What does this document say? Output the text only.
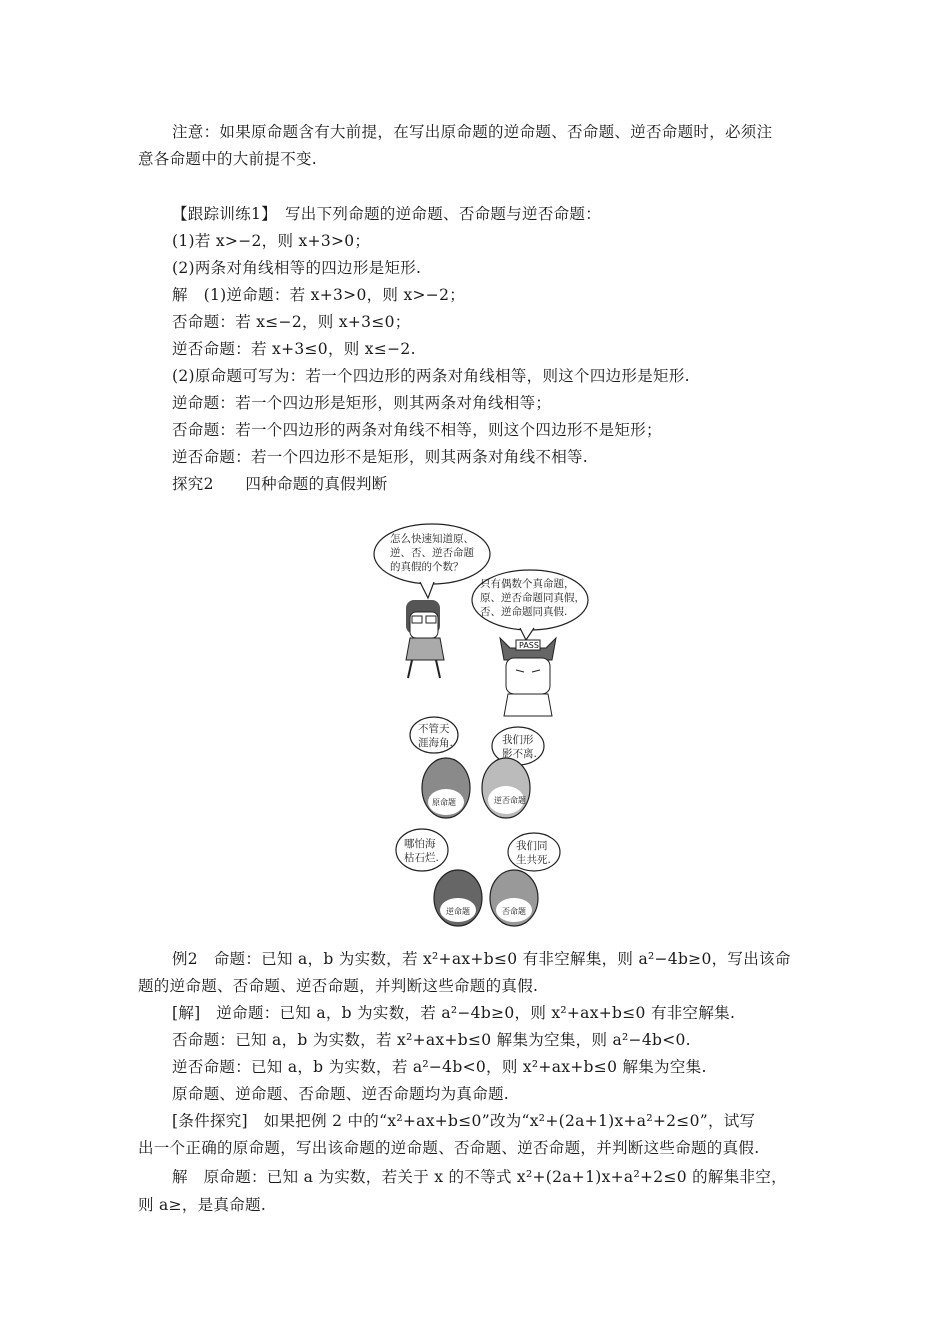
注意：如果原命题含有大前提，在写出原命题的逆命题、否命题、逆否命题时，必须注
意各命题中的大前提不变.
【跟踪训练1】　写出下列命题的逆命题、否命题与逆否命题：
(1)若 x>−2，则 x+3>0；
(2)两条对角线相等的四边形是矩形.
解　(1)逆命题：若 x+3>0，则 x>−2；
否命题：若 x≤−2，则 x+3≤0；
逆否命题：若 x+3≤0，则 x≤−2.
(2)原命题可写为：若一个四边形的两条对角线相等，则这个四边形是矩形.
逆命题：若一个四边形是矩形，则其两条对角线相等；
否命题：若一个四边形的两条对角线不相等，则这个四边形不是矩形；
逆否命题：若一个四边形不是矩形，则其两条对角线不相等.
探究2　　四种命题的真假判断
怎么快速知道原、
逆、否、逆否命题
的真假的个数？
只有偶数个真命题，
原、逆否命题同真假，
否、逆命题同真假.
PASS
不管天
涯海角.	我们形
影不离.
原命题	逆否命题
哪怕海
枯石烂.
我们同
生共死.
逆命题	否命题
例2　命题：已知 a，b 为实数，若 x²+ax+b≤0 有非空解集，则 a²−4b≥0，写出该命
题的逆命题、否命题、逆否命题，并判断这些命题的真假.
[解]　逆命题：已知 a，b 为实数，若 a²−4b≥0，则 x²+ax+b≤0 有非空解集.
否命题：已知 a，b 为实数，若 x²+ax+b≤0 解集为空集，则 a²−4b<0.
逆否命题：已知 a，b 为实数，若 a²−4b<0，则 x²+ax+b≤0 解集为空集.
原命题、逆命题、否命题、逆否命题均为真命题.
[条件探究]　如果把例 2 中的“x²+ax+b≤0”改为“x²+(2a+1)x+a²+2≤0”，试写
出一个正确的原命题，写出该命题的逆命题、否命题、逆否命题，并判断这些命题的真假.
解　原命题：已知 a 为实数，若关于 x 的不等式 x²+(2a+1)x+a²+2≤0 的解集非空，
则 a≥，是真命题.
